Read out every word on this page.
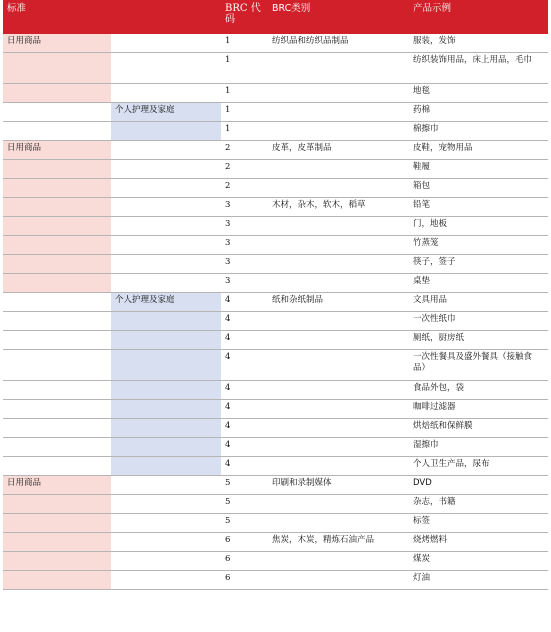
标准		BRC 代码	BRC类别	产品示例
日用商品		1	纺织品和纺织品制品	服装，发饰
		1		纺织装饰用品，床上用品，毛巾
		1		地毯
	个人护理及家庭	1		药棉
		1		棉擦巾
日用商品		2	皮革，皮革制品	皮鞋，宠物用品
		2		鞋履
		2		箱包
		3	木材，杂木，软木，稻草	铅笔
		3		门，地板
		3		竹蒸笼
		3		筷子，签子
		3		桌垫
	个人护理及家庭	4	纸和杂纸制品	文具用品
		4		一次性纸巾
		4		厕纸，厨房纸
		4		一次性餐具及盛外餐具（接触食品）
		4		食品外包，袋
		4		咖啡过滤器
		4		烘焙纸和保鲜膜
		4		湿擦巾
		4		个人卫生产品，尿布
日用商品		5	印刷和录制媒体	DVD
		5		杂志，书籍
		5		标签
		6	焦炭，木炭，精炼石油产品	烧烤燃料
		6		煤炭
		6		灯油
